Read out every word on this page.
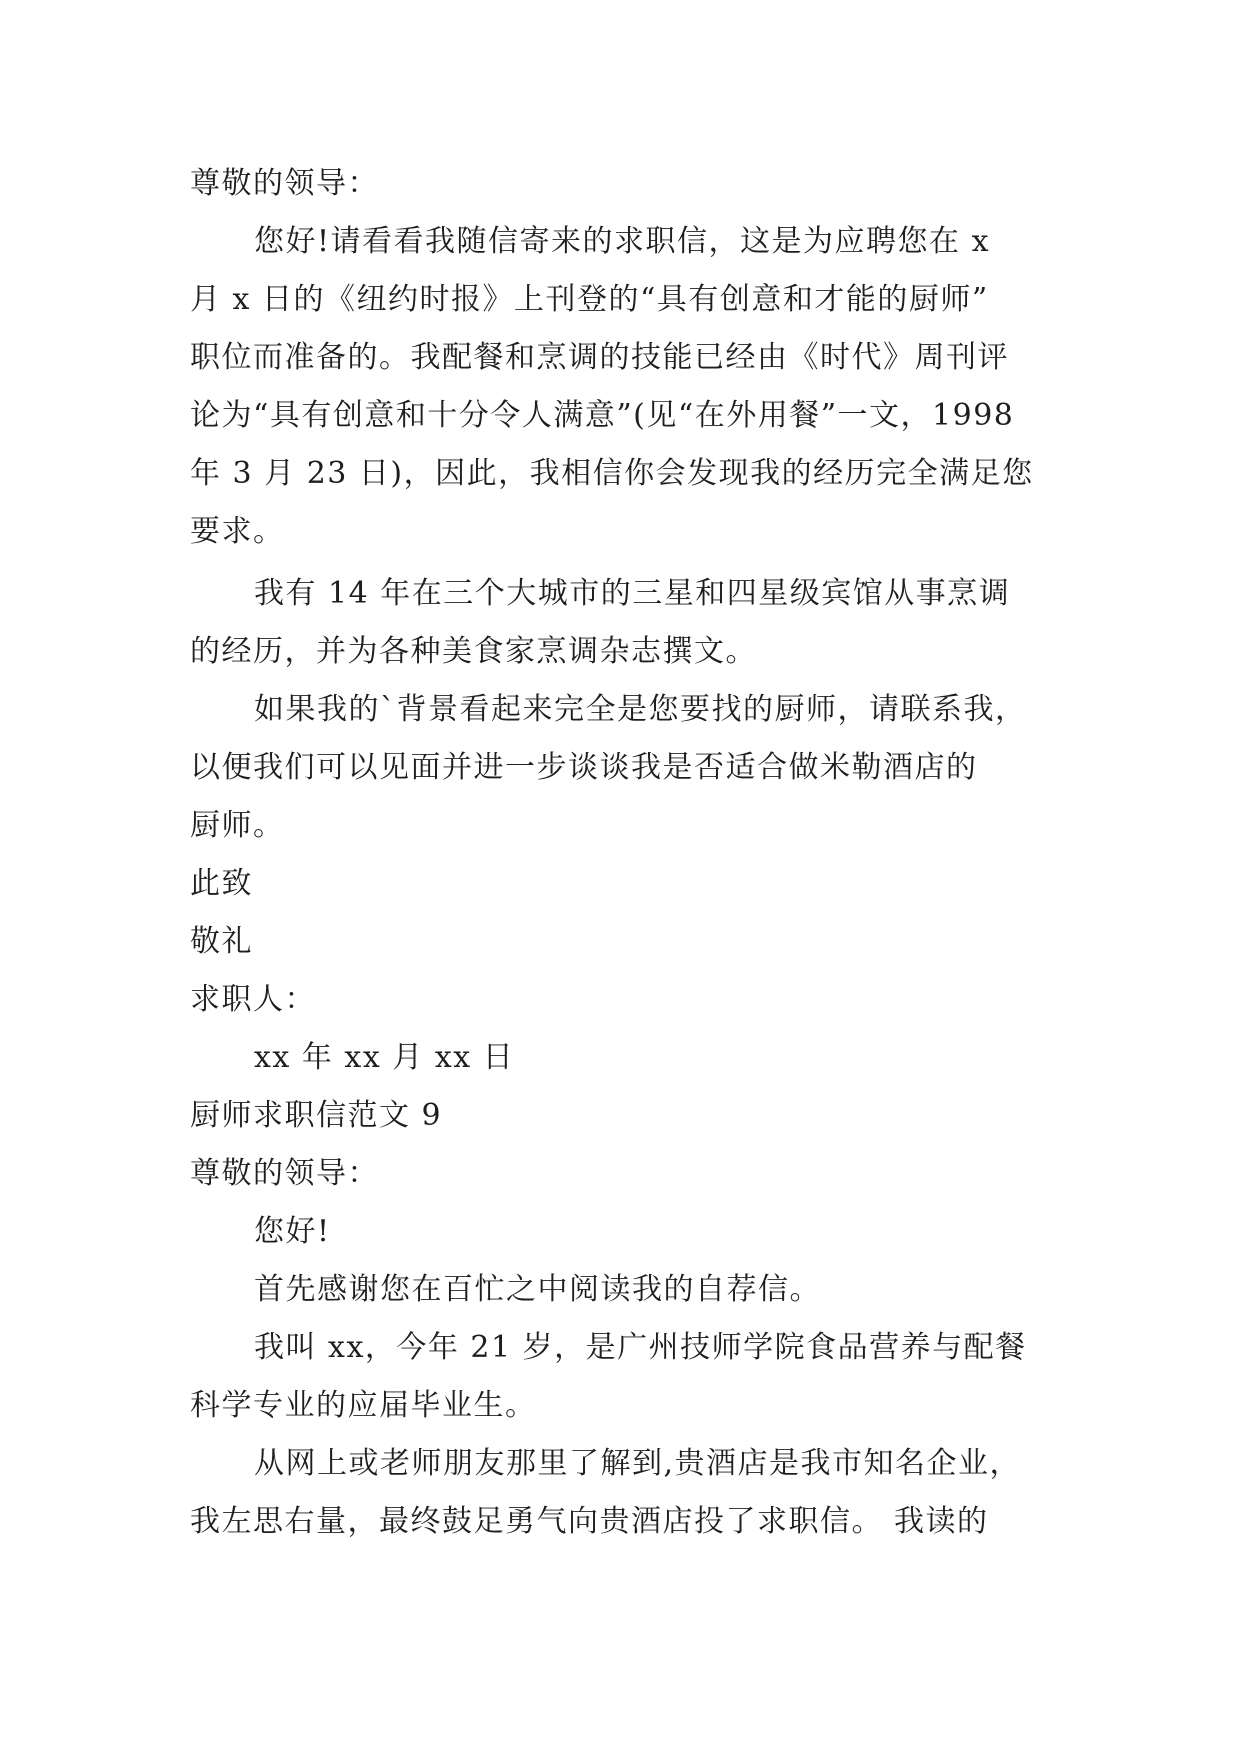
尊敬的领导：
您好!请看看我随信寄来的求职信，这是为应聘您在 x
月 x 日的《纽约时报》上刊登的“具有创意和才能的厨师”
职位而准备的。我配餐和烹调的技能已经由《时代》周刊评
论为“具有创意和十分令人满意”(见“在外用餐”一文，1998
年 3 月 23 日)，因此，我相信你会发现我的经历完全满足您
要求。
我有 14 年在三个大城市的三星和四星级宾馆从事烹调
的经历，并为各种美食家烹调杂志撰文。
如果我的`背景看起来完全是您要找的厨师，请联系我，
以便我们可以见面并进一步谈谈我是否适合做米勒酒店的
厨师。
此致
敬礼
求职人：
xx 年 xx 月 xx 日
厨师求职信范文 9
尊敬的领导：
您好!
首先感谢您在百忙之中阅读我的自荐信。
我叫 xx，今年 21 岁，是广州技师学院食品营养与配餐
科学专业的应届毕业生。
从网上或老师朋友那里了解到,贵酒店是我市知名企业，
我左思右量，最终鼓足勇气向贵酒店投了求职信。 我读的
